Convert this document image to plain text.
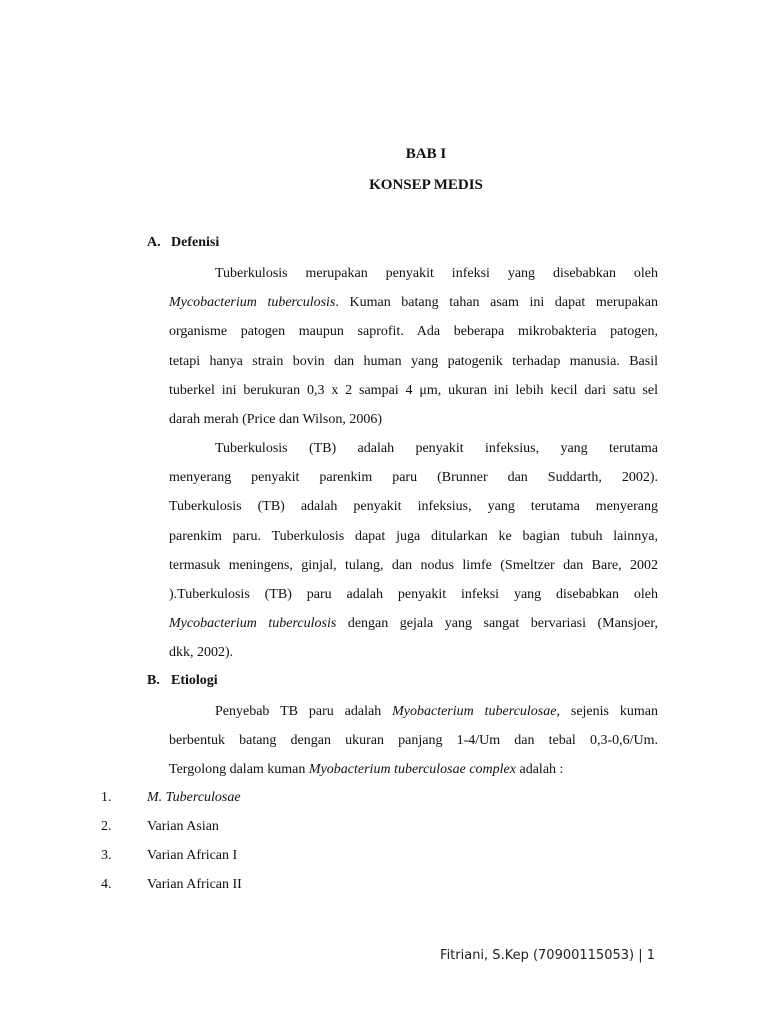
BAB I
KONSEP MEDIS
A. Defenisi
Tuberkulosis merupakan penyakit infeksi yang disebabkan oleh
Mycobacterium tuberculosis. Kuman batang tahan asam ini dapat merupakan
organisme patogen maupun saprofit. Ada beberapa mikrobakteria patogen,
tetapi hanya strain bovin dan human yang patogenik terhadap manusia. Basil
tuberkel ini berukuran 0,3 x 2 sampai 4 μm, ukuran ini lebih kecil dari satu sel
darah merah (Price dan Wilson, 2006)
Tuberkulosis (TB) adalah penyakit infeksius, yang terutama
menyerang penyakit parenkim paru (Brunner dan Suddarth, 2002).
Tuberkulosis (TB) adalah penyakit infeksius, yang terutama menyerang
parenkim paru. Tuberkulosis dapat juga ditularkan ke bagian tubuh lainnya,
termasuk meningens, ginjal, tulang, dan nodus limfe (Smeltzer dan Bare, 2002
).Tuberkulosis (TB) paru adalah penyakit infeksi yang disebabkan oleh
Mycobacterium tuberculosis dengan gejala yang sangat bervariasi (Mansjoer,
dkk, 2002).
B. Etiologi
Penyebab TB paru adalah Myobacterium tuberculosae, sejenis kuman
berbentuk batang dengan ukuran panjang 1-4/Um dan tebal 0,3-0,6/Um.
Tergolong dalam kuman Myobacterium tuberculosae complex adalah :
1.	M. Tuberculosae
2.	Varian Asian
3.	Varian African I
4.	Varian African II
Fitriani, S.Kep (70900115053) | 1
